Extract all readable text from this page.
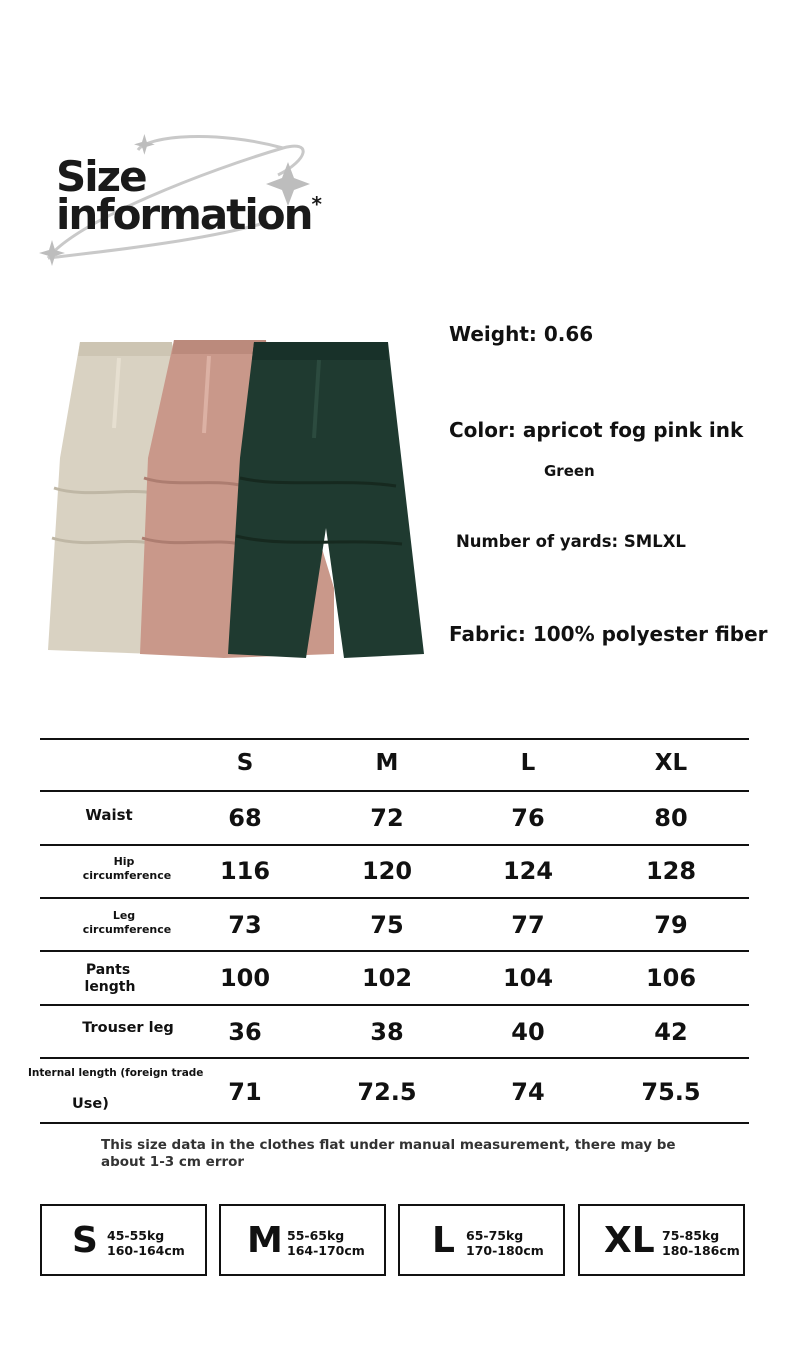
Size
information*
Weight: 0.66
Color: apricot fog pink ink
Green
Number of yards: SMLXL
Fabric: 100% polyester fiber
S	M	L	XL
Waist	68	72	76	80
Hip
circumference	116	120	124	128
Leg
circumference	73	75	77	79
Pants
length	100	102	104	106
Trouser leg	36	38	40	42
Internal length (foreign trade
Use)	71	72.5	74	75.5
This size data in the clothes flat under manual measurement, there may be about 1-3 cm error
S 45-55kg
160-164cm M 55-65kg
164-170cm L 65-75kg
170-180cm XL 75-85kg
180-186cm
